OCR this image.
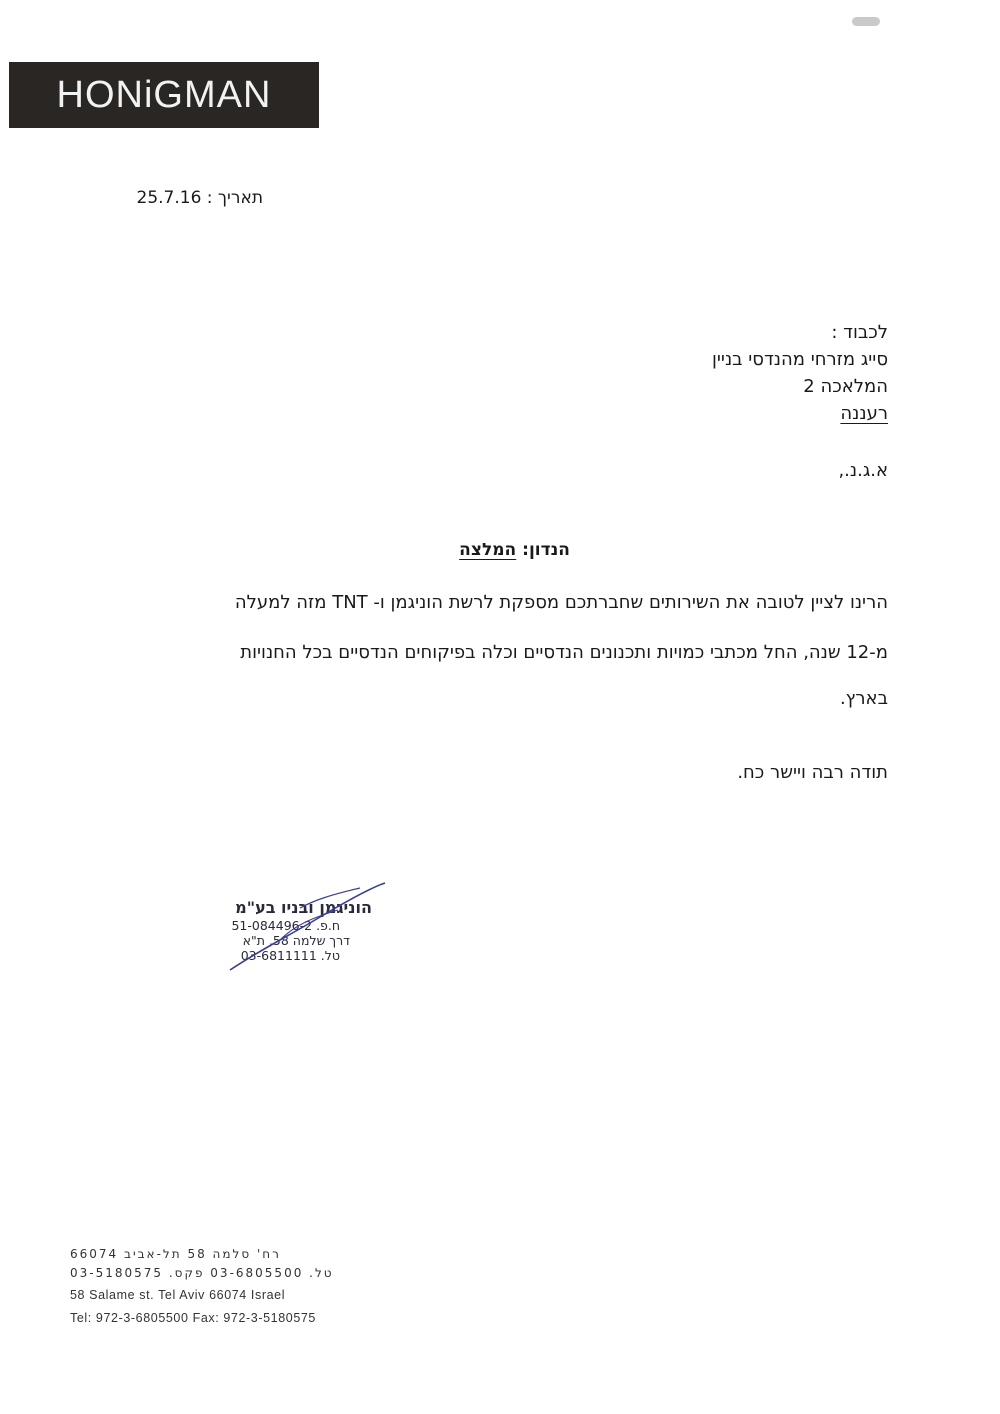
HONiGMAN
תאריך : 25.7.16
לכבוד :
סייג מזרחי מהנדסי בניין
המלאכה 2
רעננה
א.ג.נ.,
הנדון: המלצה
הרינו לציין לטובה את השירותים שחברתכם מספקת לרשת הוניגמן ו- TNT מזה למעלה
מ-12 שנה, החל מכתבי כמויות ותכנונים הנדסיים וכלה בפיקוחים הנדסיים בכל החנויות
בארץ.
תודה רבה ויישר כח.
הוניגמן ובניו בע"מ
ח.פ. 51-084496-2
דרך שלמה 58, ת"א
טל. 03-6811111
רח' סלמה 58 תל-אביב 66074
טל. 03-6805500 פקס. 03-5180575
58 Salame st. Tel Aviv 66074 Israel
Tel: 972-3-6805500 Fax: 972-3-5180575
